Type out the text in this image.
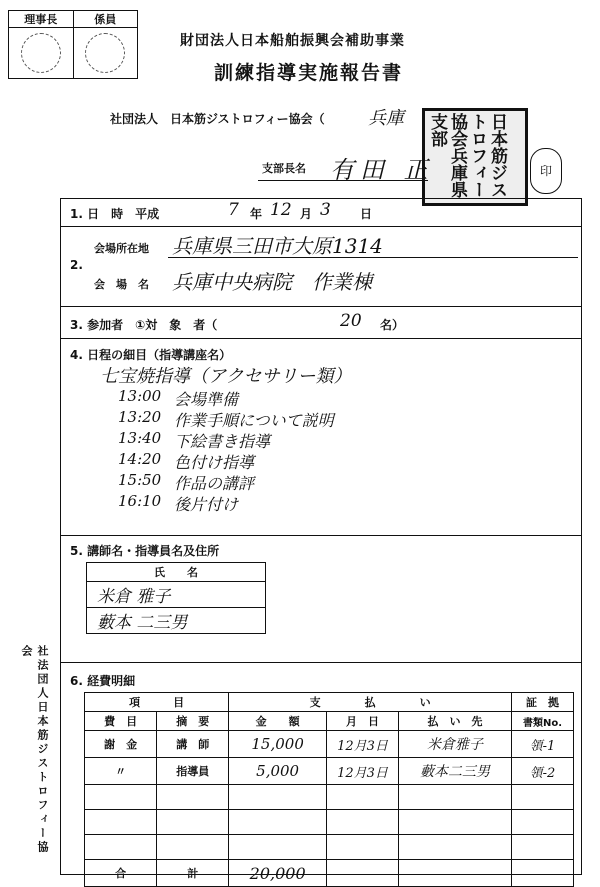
理事長	係員

財団法人日本船舶振興会補助事業
訓練指導実施報告書
社団法人　日本筋ジストロフィー協会（ 兵庫	日本筋ジストロフィー協会兵庫県支部
支部長名 有田 正	印
1. 日　時　平成	7 年 12 月 3 日
2.
会場所在地 兵庫県三田市大原1314
会　場　名 兵庫中央病院　作業棟
3. 参加者　①対　象　者（	20 名）
4. 日程の細目（指導講座名）
七宝焼指導（アクセサリー類）
13:00 会場準備
13:20 作業手順について説明
13:40 下絵書き指導
14:20 色付け指導
15:50 作品の講評
16:10 後片付け
5. 講師名・指導員名及住所
氏　　名
米倉 雅子
藪本 二三男
社法団人日本筋ジストロフィー協会
6. 経費明細
項　　　目		支　　　　払　　　　い			証　拠
費　目	摘　要	金　　額	月　日	払　い　先	書類No.
謝　金	講　師	15,000	12月3日	米倉雅子	領-1
〃	指導員	5,000	12月3日	藪本二三男	領-2

合	計	20,000			
